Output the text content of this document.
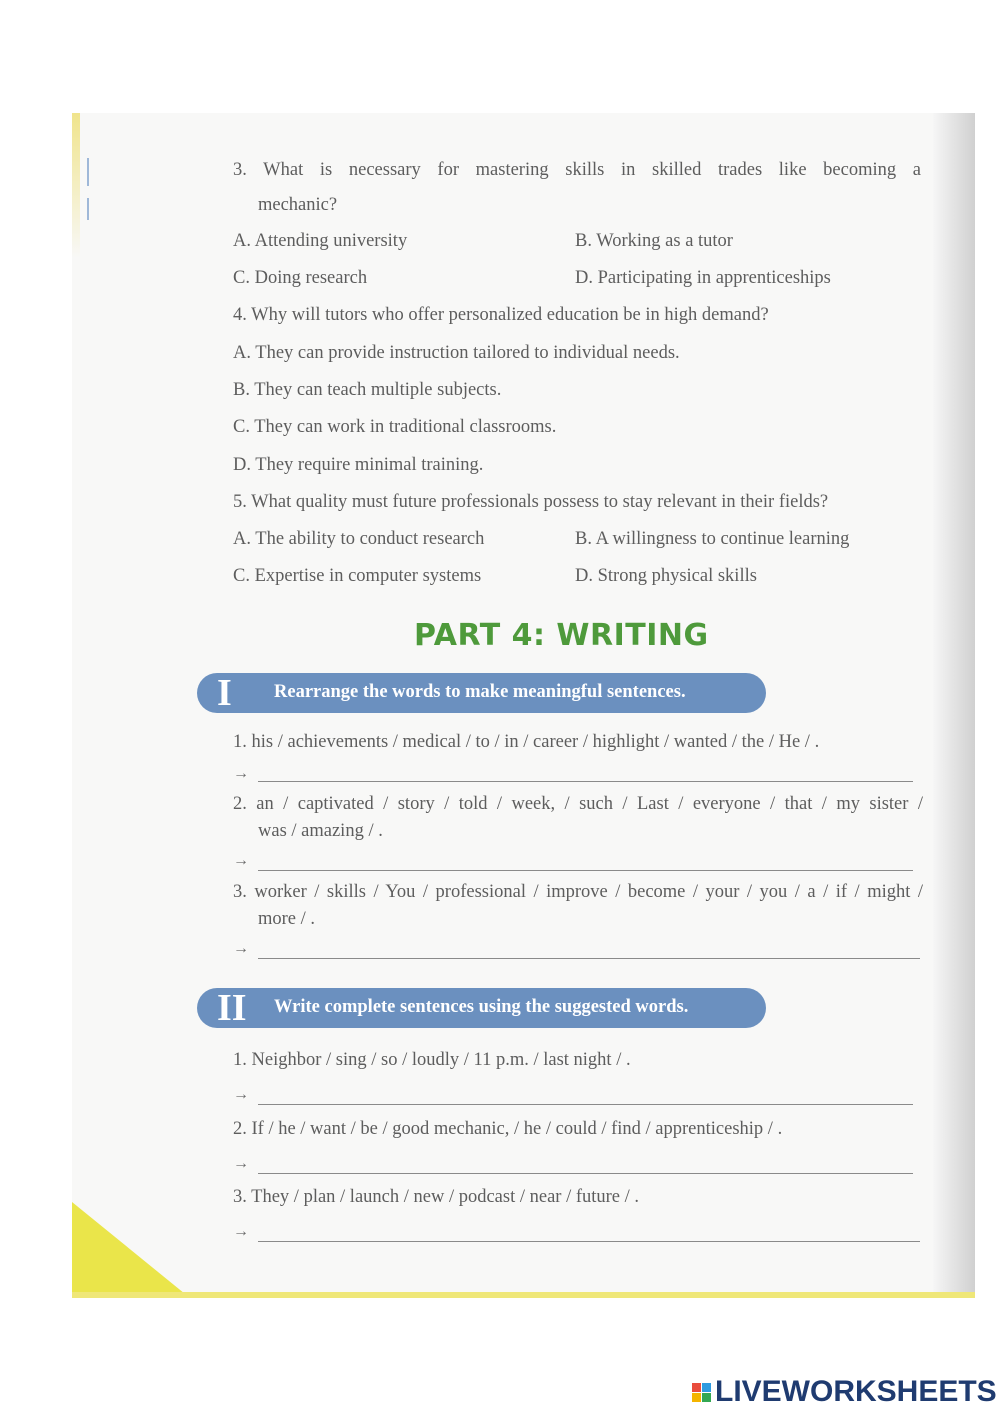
3. What is necessary for mastering skills in skilled trades like becoming a
mechanic?
A. Attending university	B. Working as a tutor
C. Doing research	D. Participating in apprenticeships
4. Why will tutors who offer personalized education be in high demand?
A. They can provide instruction tailored to individual needs.
B. They can teach multiple subjects.
C. They can work in traditional classrooms.
D. They require minimal training.
5. What quality must future professionals possess to stay relevant in their fields?
A. The ability to conduct research	B. A willingness to continue learning
C. Expertise in computer systems	D. Strong physical skills
PART 4: WRITING
I Rearrange the words to make meaningful sentences.
1. his / achievements / medical / to / in / career / highlight / wanted / the / He / .
→
2. an / captivated / story / told / week, / such / Last / everyone / that / my sister /
was / amazing / .
→
3. worker / skills / You / professional / improve / become / your / you / a / if / might /
more / .
→
II Write complete sentences using the suggested words.
1. Neighbor / sing / so / loudly / 11 p.m. / last night / .
→
2. If / he / want / be / good mechanic, / he / could / find / apprenticeship / .
→
3. They / plan / launch / new / podcast / near / future / .
→
LIVEWORKSHEETS
